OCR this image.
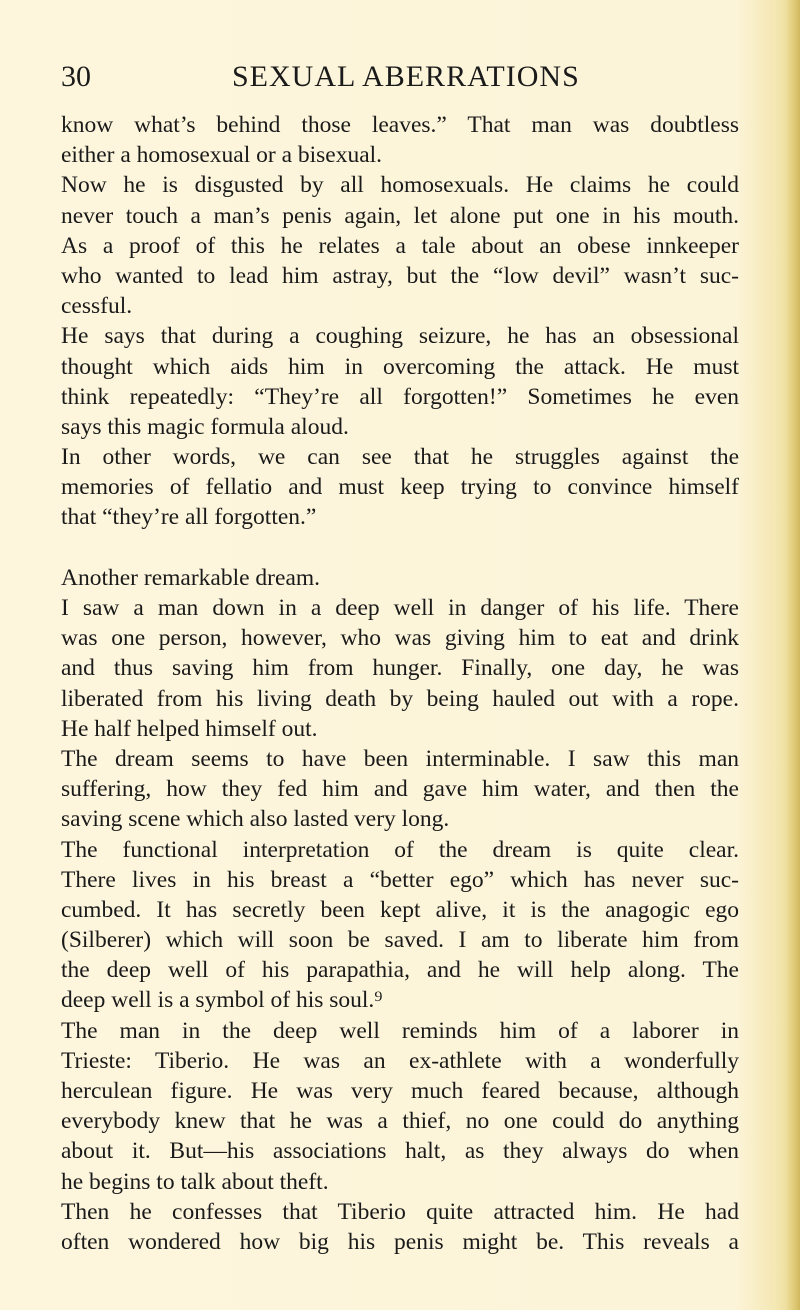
30	SEXUAL ABERRATIONS
know what’s behind those leaves.” That man was doubtless
either a homosexual or a bisexual.
Now he is disgusted by all homosexuals. He claims he could
never touch a man’s penis again, let alone put one in his mouth.
As a proof of this he relates a tale about an obese innkeeper
who wanted to lead him astray, but the “low devil” wasn’t suc-
cessful.
He says that during a coughing seizure, he has an obsessional
thought which aids him in overcoming the attack. He must
think repeatedly: “They’re all forgotten!” Sometimes he even
says this magic formula aloud.
In other words, we can see that he struggles against the
memories of fellatio and must keep trying to convince himself
that “they’re all forgotten.”
Another remarkable dream.
I saw a man down in a deep well in danger of his life. There
was one person, however, who was giving him to eat and drink
and thus saving him from hunger. Finally, one day, he was
liberated from his living death by being hauled out with a rope.
He half helped himself out.
The dream seems to have been interminable. I saw this man
suffering, how they fed him and gave him water, and then the
saving scene which also lasted very long.
The functional interpretation of the dream is quite clear.
There lives in his breast a “better ego” which has never suc-
cumbed. It has secretly been kept alive, it is the anagogic ego
(Silberer) which will soon be saved. I am to liberate him from
the deep well of his parapathia, and he will help along. The
deep well is a symbol of his soul.⁹
The man in the deep well reminds him of a laborer in
Trieste: Tiberio. He was an ex-athlete with a wonderfully
herculean figure. He was very much feared because, although
everybody knew that he was a thief, no one could do anything
about it. But—his associations halt, as they always do when
he begins to talk about theft.
Then he confesses that Tiberio quite attracted him. He had
often wondered how big his penis might be. This reveals a
